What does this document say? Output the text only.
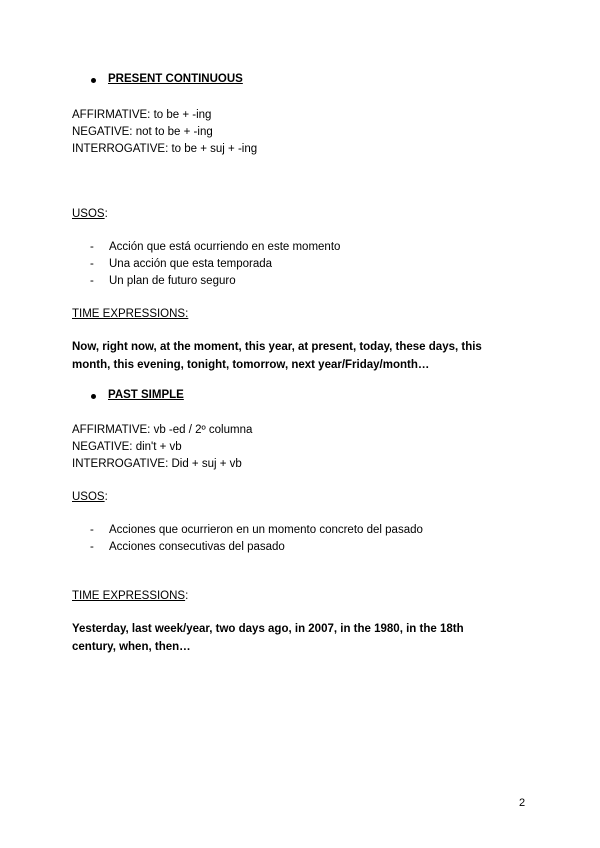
PRESENT CONTINUOUS
AFFIRMATIVE: to be + -ing
NEGATIVE: not to be + -ing
INTERROGATIVE: to be + suj + -ing
USOS:
- Acción que está ocurriendo en este momento
- Una acción que esta temporada
- Un plan de futuro seguro
TIME EXPRESSIONS:
Now, right now, at the moment, this year, at present, today, these days, this
month, this evening, tonight, tomorrow, next year/Friday/month…
PAST SIMPLE
AFFIRMATIVE: vb -ed / 2º columna
NEGATIVE: din't + vb
INTERROGATIVE: Did + suj + vb
USOS:
- Acciones que ocurrieron en un momento concreto del pasado
- Acciones consecutivas del pasado
TIME EXPRESSIONS:
Yesterday, last week/year, two days ago, in 2007, in the 1980, in the 18th
century, when, then…
2
